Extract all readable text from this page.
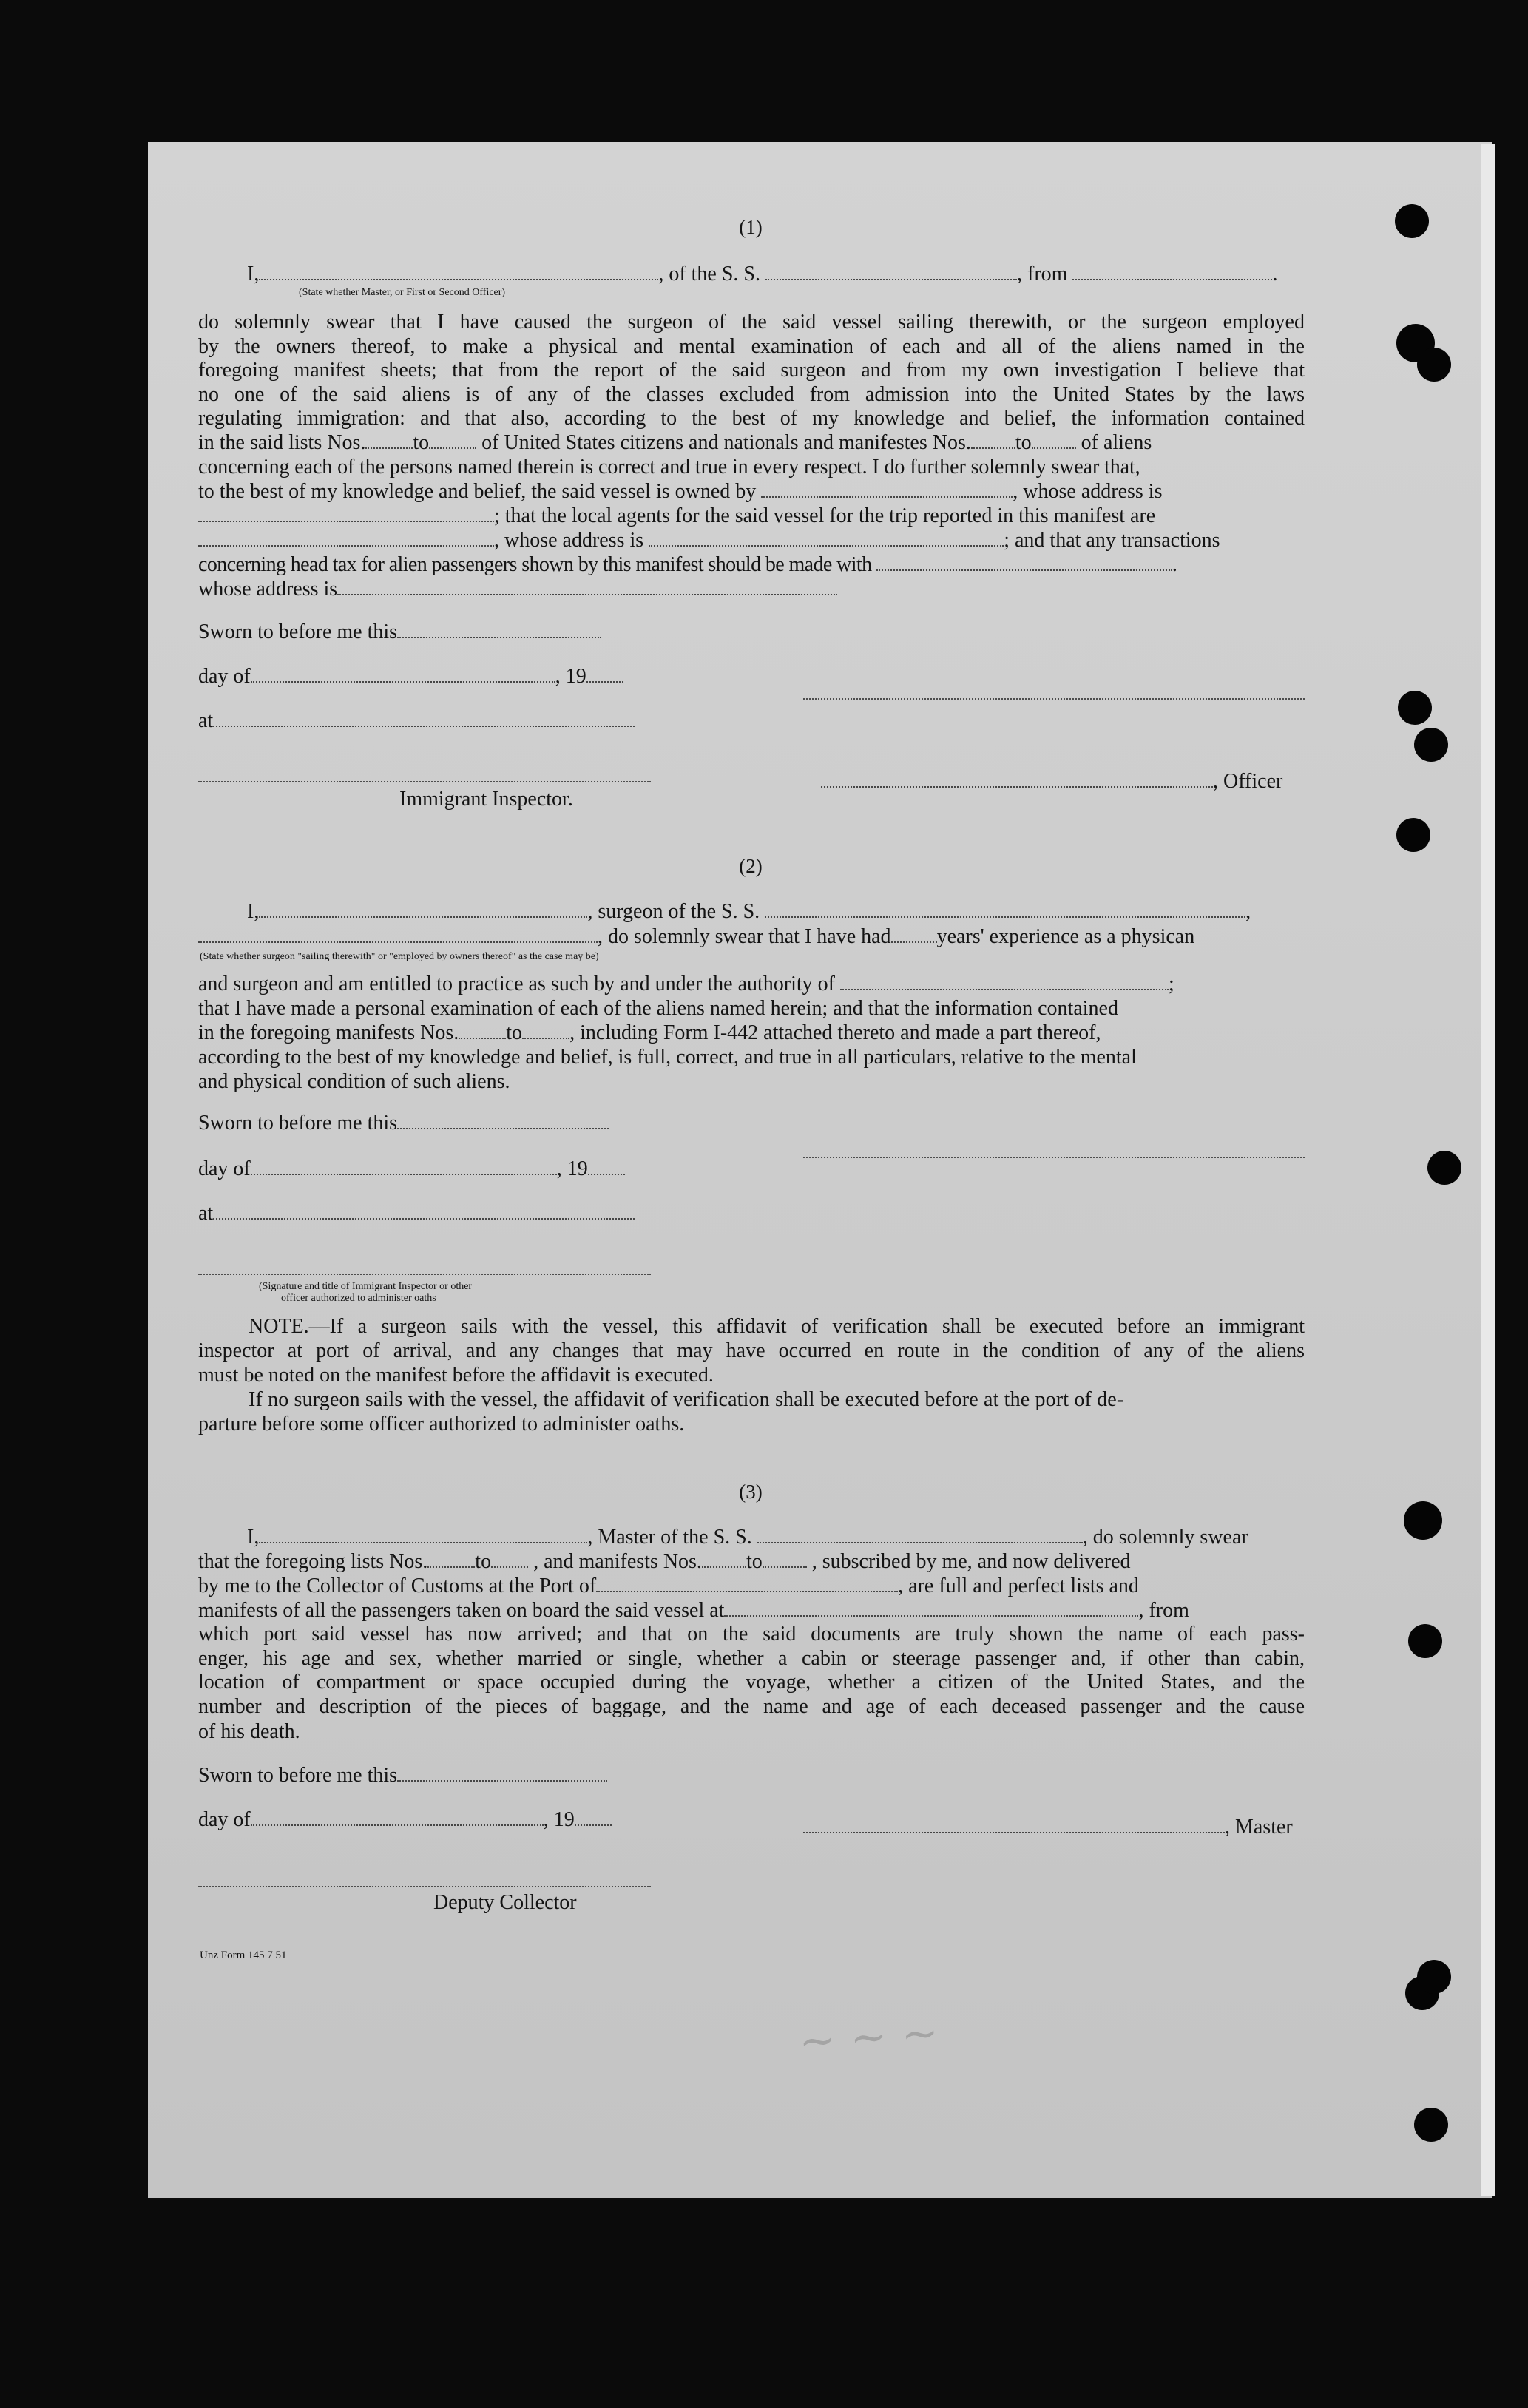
~ ~ ~
(1)
I,	, of the S. S.	, from	.
(State whether Master, or First or Second Officer)
do solemnly swear that I have caused the surgeon of the said vessel sailing therewith, or the surgeon employed
by the owners thereof, to make a physical and mental examination of each and all of the aliens named in the
foregoing manifest sheets; that from the report of the said surgeon and from my own investigation I believe that
no one of the said aliens is of any of the classes excluded from admission into the United States by the laws
regulating immigration: and that also, according to the best of my knowledge and belief, the information contained
in the said lists Nos. to	of United States citizens and nationals and manifestes Nos. to of aliens
concerning each of the persons named therein is correct and true in every respect. I do further solemnly swear that,
to the best of my knowledge and belief, the said vessel is owned by	, whose address is
; that the local agents for the said vessel for the trip reported in this manifest are
, whose address is	; and that any transactions
concerning head tax for alien passengers shown by this manifest should be made with	.
whose address is
Sworn to before me this
day of	, 19
at
, Officer
Immigrant Inspector.
(2)
I,	, surgeon of the S. S.	,
, do solemnly swear that I have had years' experience as a physican
(State whether surgeon "sailing therewith" or "employed by owners thereof" as the case may be)
and surgeon and am entitled to practice as such by and under the authority of	;
that I have made a personal examination of each of the aliens named herein; and that the information contained
in the foregoing manifests Nos. to , including Form I-442 attached thereto and made a part thereof,
according to the best of my knowledge and belief, is full, correct, and true in all particulars, relative to the mental
and physical condition of such aliens.
Sworn to before me this
day of	, 19
at
(Signature and title of Immigrant Inspector or other
officer authorized to administer oaths
NOTE.—If a surgeon sails with the vessel, this affidavit of verification shall be executed before an immigrant
inspector at port of arrival, and any changes that may have occurred en route in the condition of any of the aliens
must be noted on the manifest before the affidavit is executed.
If no surgeon sails with the vessel, the affidavit of verification shall be executed before at the port of de-
parture before some officer authorized to administer oaths.
(3)
I,	, Master of the S. S.	, do solemnly swear
that the foregoing lists Nos. to , and manifests Nos. to , subscribed by me, and now delivered
by me to the Collector of Customs at the Port of	, are full and perfect lists and
manifests of all the passengers taken on board the said vessel at	, from
which port said vessel has now arrived; and that on the said documents are truly shown the name of each pass-
enger, his age and sex, whether married or single, whether a cabin or steerage passenger and, if other than cabin,
location of compartment or space occupied during the voyage, whether a citizen of the United States, and the
number and description of the pieces of baggage, and the name and age of each deceased passenger and the cause
of his death.
Sworn to before me this
day of	, 19	, Master
Deputy Collector
Unz Form 145 7 51
